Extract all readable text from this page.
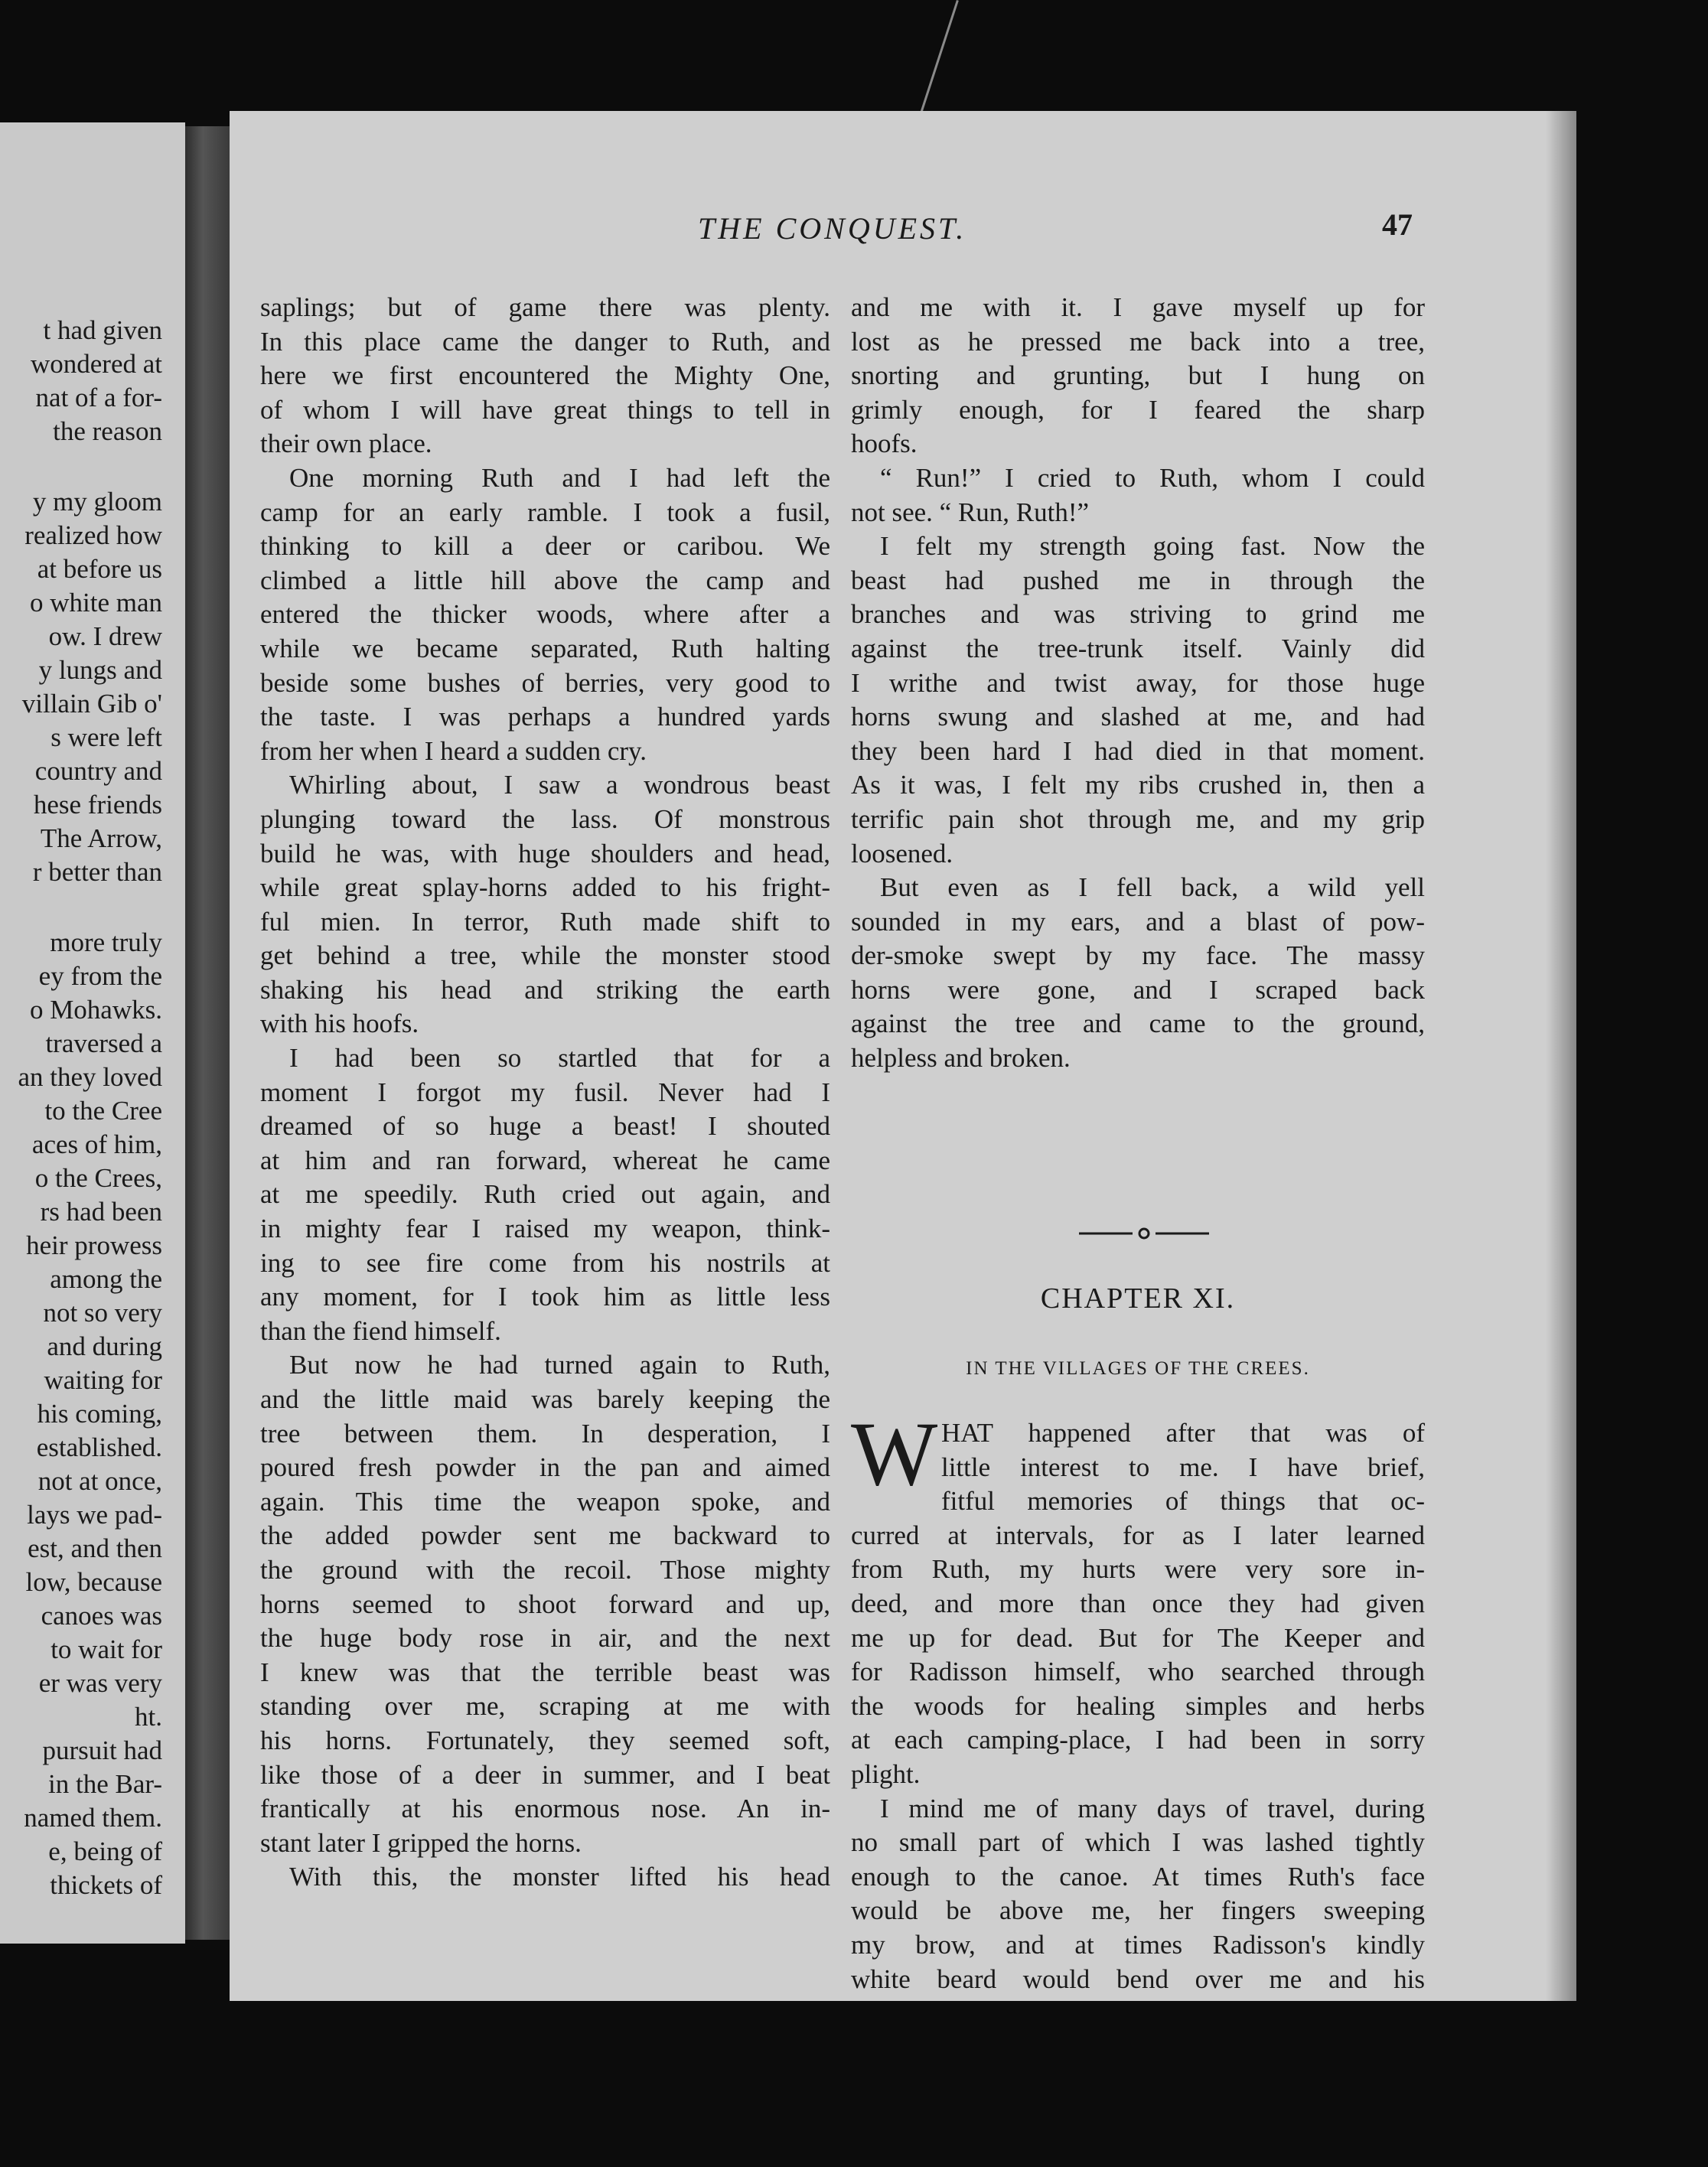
t had given
wondered at
nat of a for-
the reason
y my gloom
realized how
at before us
o white man
ow. I drew
y lungs and
villain Gib o'
s were left
country and
hese friends
The Arrow,
r better than
more truly
ey from the
o Mohawks.
traversed a
an they loved
to the Cree
aces of him,
o the Crees,
rs had been
heir prowess
among the
not so very
and during
waiting for
his coming,
established.
not at once,
lays we pad-
est, and then
low, because
canoes was
to wait for
er was very
ht.
pursuit had
in the Bar-
named them.
e, being of
thickets of
THE CONQUEST.	47
saplings; but of game there was plenty.
In this place came the danger to Ruth, and
here we first encountered the Mighty One,
of whom I will have great things to tell in
their own place.
One morning Ruth and I had left the
camp for an early ramble. I took a fusil,
thinking to kill a deer or caribou. We
climbed a little hill above the camp and
entered the thicker woods, where after a
while we became separated, Ruth halting
beside some bushes of berries, very good to
the taste. I was perhaps a hundred yards
from her when I heard a sudden cry.
Whirling about, I saw a wondrous beast
plunging toward the lass. Of monstrous
build he was, with huge shoulders and head,
while great splay-horns added to his fright-
ful mien. In terror, Ruth made shift to
get behind a tree, while the monster stood
shaking his head and striking the earth
with his hoofs.
I had been so startled that for a
moment I forgot my fusil. Never had I
dreamed of so huge a beast! I shouted
at him and ran forward, whereat he came
at me speedily. Ruth cried out again, and
in mighty fear I raised my weapon, think-
ing to see fire come from his nostrils at
any moment, for I took him as little less
than the fiend himself.
But now he had turned again to Ruth,
and the little maid was barely keeping the
tree between them. In desperation, I
poured fresh powder in the pan and aimed
again. This time the weapon spoke, and
the added powder sent me backward to
the ground with the recoil. Those mighty
horns seemed to shoot forward and up,
the huge body rose in air, and the next
I knew was that the terrible beast was
standing over me, scraping at me with
his horns. Fortunately, they seemed soft,
like those of a deer in summer, and I beat
frantically at his enormous nose. An in-
stant later I gripped the horns.
With this, the monster lifted his head
and me with it. I gave myself up for
lost as he pressed me back into a tree,
snorting and grunting, but I hung on
grimly enough, for I feared the sharp
hoofs.
“ Run!” I cried to Ruth, whom I could
not see. “ Run, Ruth!”
I felt my strength going fast. Now the
beast had pushed me in through the
branches and was striving to grind me
against the tree-trunk itself. Vainly did
I writhe and twist away, for those huge
horns swung and slashed at me, and had
they been hard I had died in that moment.
As it was, I felt my ribs crushed in, then a
terrific pain shot through me, and my grip
loosened.
But even as I fell back, a wild yell
sounded in my ears, and a blast of pow-
der-smoke swept by my face. The massy
horns were gone, and I scraped back
against the tree and came to the ground,
helpless and broken.
CHAPTER XI.
IN THE VILLAGES OF THE CREES.
W HAT happened after that was of
little interest to me. I have brief,
fitful memories of things that oc-
curred at intervals, for as I later learned
from Ruth, my hurts were very sore in-
deed, and more than once they had given
me up for dead. But for The Keeper and
for Radisson himself, who searched through
the woods for healing simples and herbs
at each camping-place, I had been in sorry
plight.
I mind me of many days of travel, during
no small part of which I was lashed tightly
enough to the canoe. At times Ruth's face
would be above me, her fingers sweeping
my brow, and at times Radisson's kindly
white beard would bend over me and his
